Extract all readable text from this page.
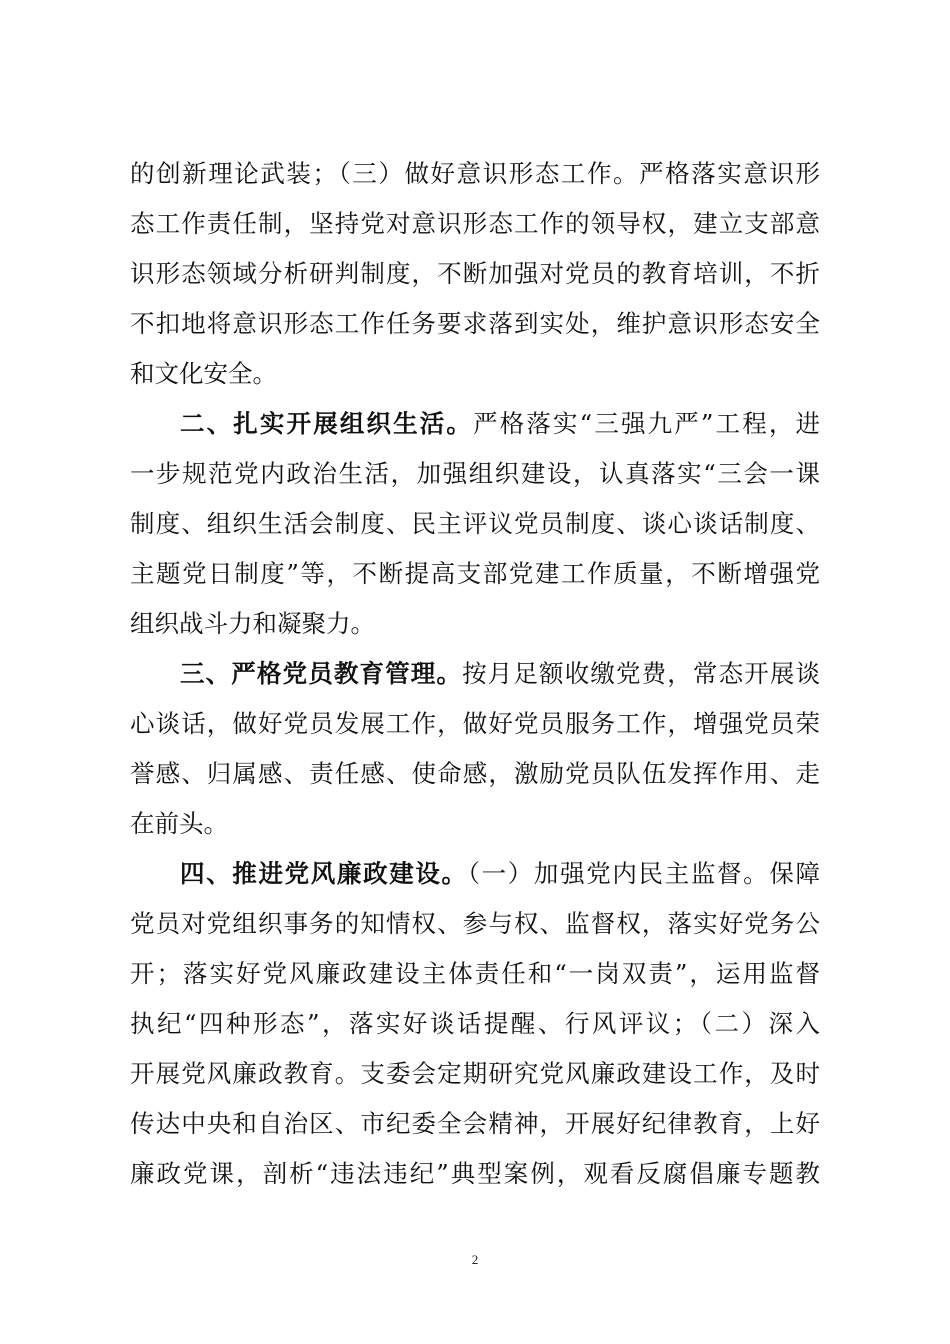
的创新理论武装；（三）做好意识形态工作。严格落实意识形
态工作责任制，坚持党对意识形态工作的领导权，建立支部意
识形态领域分析研判制度，不断加强对党员的教育培训，不折
不扣地将意识形态工作任务要求落到实处，维护意识形态安全
和文化安全。
二、扎实开展组织生活。严格落实“三强九严”工程，进
一步规范党内政治生活，加强组织建设，认真落实“三会一课
制度、组织生活会制度、民主评议党员制度、谈心谈话制度、
主题党日制度”等，不断提高支部党建工作质量，不断增强党
组织战斗力和凝聚力。
三、严格党员教育管理。按月足额收缴党费，常态开展谈
心谈话，做好党员发展工作，做好党员服务工作，增强党员荣
誉感、归属感、责任感、使命感，激励党员队伍发挥作用、走
在前头。
四、推进党风廉政建设。（一）加强党内民主监督。保障
党员对党组织事务的知情权、参与权、监督权，落实好党务公
开；落实好党风廉政建设主体责任和“一岗双责”，运用监督
执纪“四种形态”，落实好谈话提醒、行风评议；（二）深入
开展党风廉政教育。支委会定期研究党风廉政建设工作，及时
传达中央和自治区、市纪委全会精神，开展好纪律教育，上好
廉政党课，剖析“违法违纪”典型案例，观看反腐倡廉专题教
2
